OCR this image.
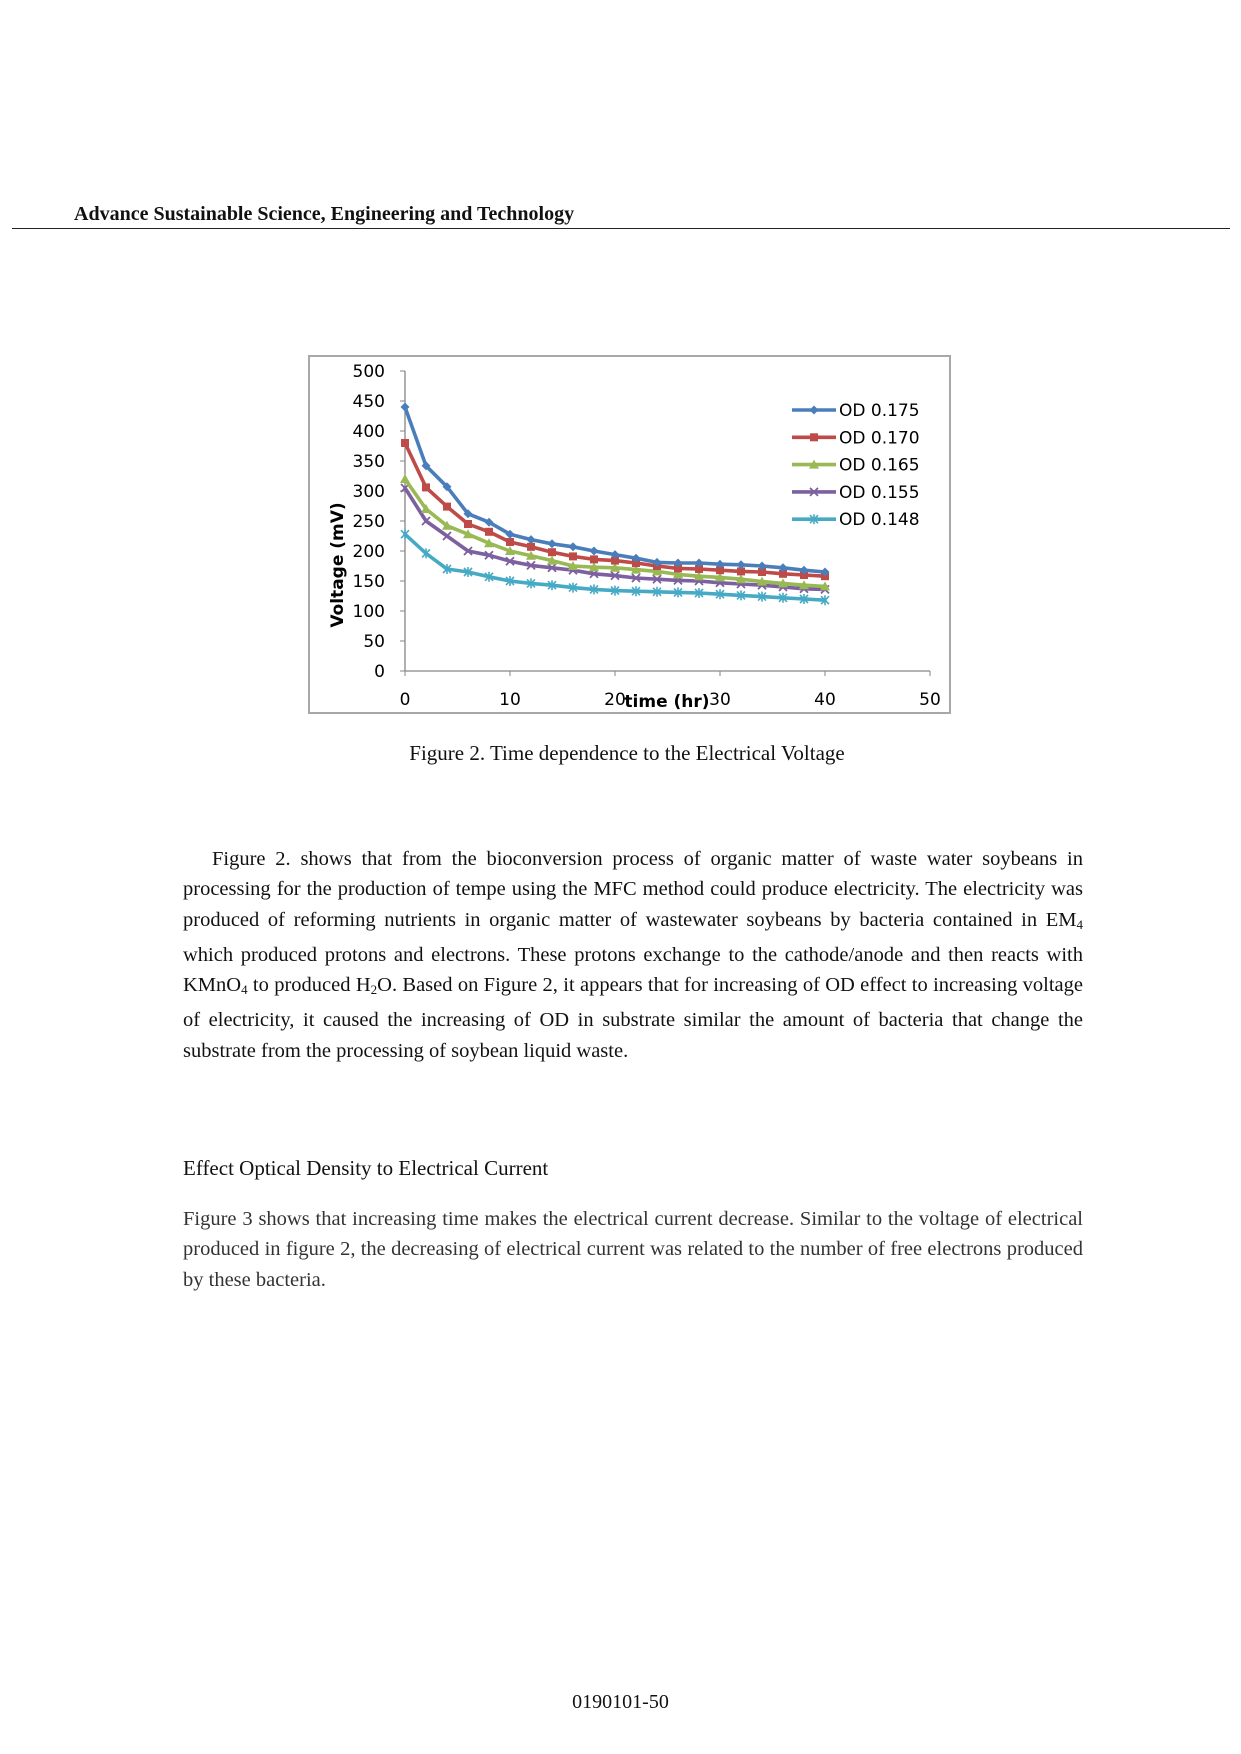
Advance Sustainable Science, Engineering and Technology
0
50
100
150
200
250
300
350
400
450
500
0	10	20	30	40	50
time (hr)
Voltage (mV)
OD 0.175
OD 0.170
OD 0.165
OD 0.155
OD 0.148
Figure 2. Time dependence to the Electrical Voltage

Figure 2. shows that from the bioconversion process of organic matter of waste water soybeans in processing for the production of tempe using the MFC method could produce electricity. The electricity was produced of reforming nutrients in organic matter of wastewater soybeans by bacteria contained in $EM_4$ which produced protons and electrons. These protons exchange to the cathode/anode and then reacts with KMnO$_4$ to produced $H_2O$. Based on Figure 2, it appears that for increasing of OD effect to increasing voltage of electricity, it caused the increasing of OD in substrate similar the amount of bacteria that change the substrate from the processing of soybean liquid waste.

Effect Optical Density to Electrical Current

Figure 3 shows that increasing time makes the electrical current decrease. Similar to the voltage of electrical produced in figure 2, the decreasing of electrical current was related to the number of free electrons produced by these bacteria.

0190101-50
